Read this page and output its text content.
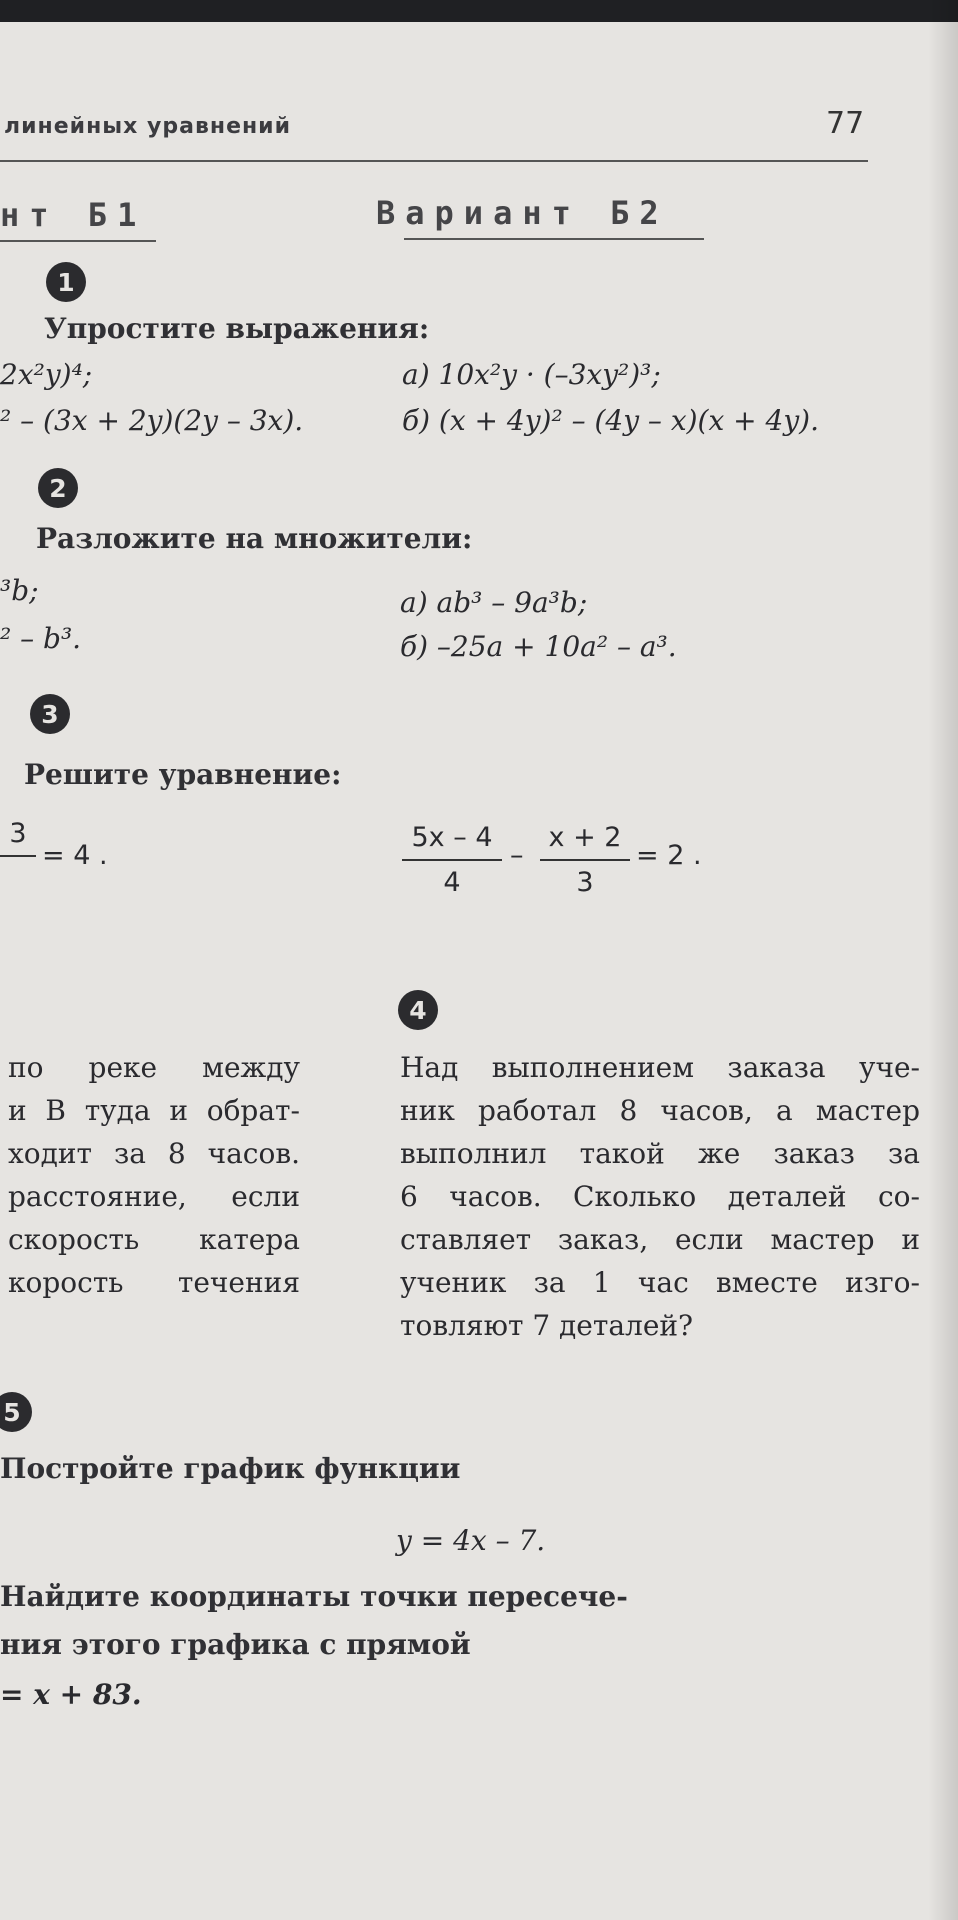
линейных уравнений	77
нт Б1	Вариант Б2
1
Упростите выражения:
2x²y)⁴;
² – (3x + 2y)(2y – 3x).
а) 10x²y · (–3xy²)³;
б) (x + 4y)² – (4y – x)(x + 4y).
2
Разложите на множители:
³b;
² – b³.
а) ab³ – 9a³b;
б) –25a + 10a² – a³.
3
Решите уравнение:
3
= 4 .
5x – 4
4
–
x + 2
3
= 2 .
4
по реке между
и B туда и обрат-
ходит за 8 часов.
расстояние, если
скорость катера
корость течения
Над выполнением заказа уче-
ник работал 8 часов, а мастер
выполнил такой же заказ за
6 часов. Сколько деталей со-
ставляет заказ, если мастер и
ученик за 1 час вместе изго-
товляют 7 деталей?
5
Постройте график функции
y = 4x – 7.
Найдите координаты точки пересече-
ния этого графика с прямой
= x + 83.
